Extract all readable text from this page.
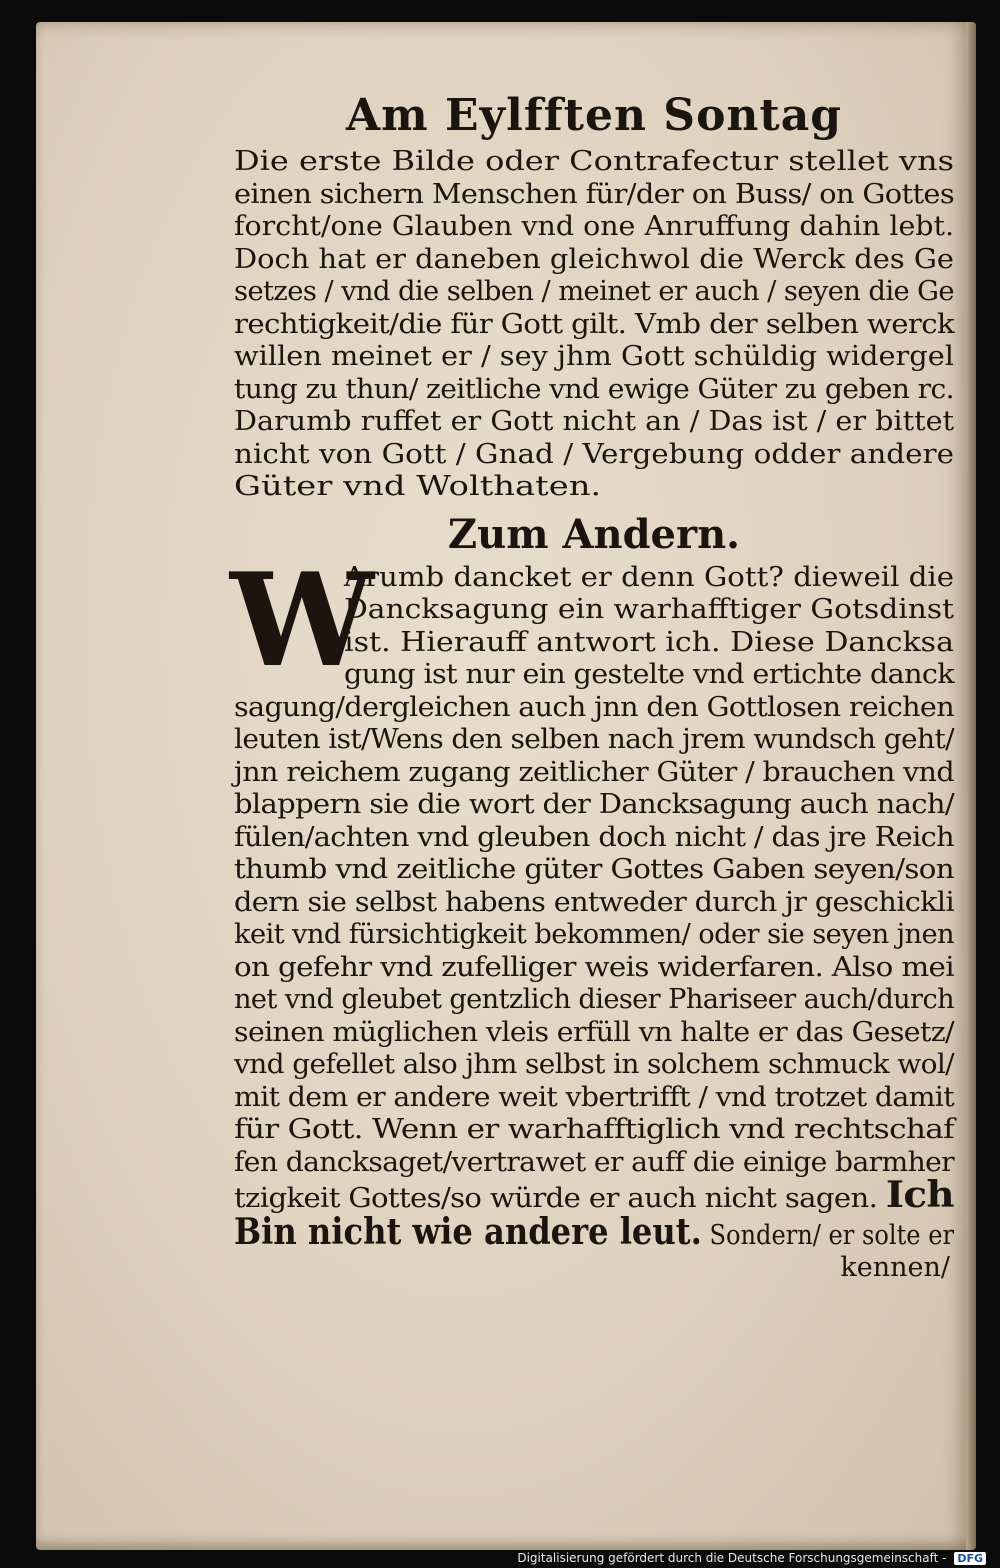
Am Eylfften Sontag
Die erste Bilde oder Contrafectur stellet vns
einen sichern Menschen für/der on Buss/ on Gottes
forcht/one Glauben vnd one Anruffung dahin lebt.
Doch hat er daneben gleichwol die Werck des Ge
setzes / vnd die selben / meinet er auch / seyen die Ge
rechtigkeit/die für Gott gilt. Vmb der selben werck
willen meinet er / sey jhm Gott schüldig widergel
tung zu thun/ zeitliche vnd ewige Güter zu geben rc.
Darumb ruffet er Gott nicht an / Das ist / er bittet
nicht von Gott / Gnad / Vergebung odder andere
Güter vnd Wolthaten.
Zum Andern.
W
Arumb dancket er denn Gott? dieweil die
Dancksagung ein warhafftiger Gotsdinst
ist. Hierauff antwort ich. Diese Dancksa
gung ist nur ein gestelte vnd ertichte danck
sagung/dergleichen auch jnn den Gottlosen reichen
leuten ist/Wens den selben nach jrem wundsch geht/
jnn reichem zugang zeitlicher Güter / brauchen vnd
blappern sie die wort der Dancksagung auch nach/
fülen/achten vnd gleuben doch nicht / das jre Reich
thumb vnd zeitliche güter Gottes Gaben seyen/son
dern sie selbst habens entweder durch jr geschickli
keit vnd fürsichtigkeit bekommen/ oder sie seyen jnen
on gefehr vnd zufelliger weis widerfaren. Also mei
net vnd gleubet gentzlich dieser Phariseer auch/durch
seinen müglichen vleis erfüll vn halte er das Gesetz/
vnd gefellet also jhm selbst in solchem schmuck wol/
mit dem er andere weit vbertrifft / vnd trotzet damit
für Gott. Wenn er warhafftiglich vnd rechtschaf
fen dancksaget/vertrawet er auff die einige barmher
tzigkeit Gottes/so würde er auch nicht sagen. Ich
Bin nicht wie andere leut. Sondern/ er solte er
kennen/
Digitalisierung gefördert durch die Deutsche Forschungsgemeinschaft - DFG
